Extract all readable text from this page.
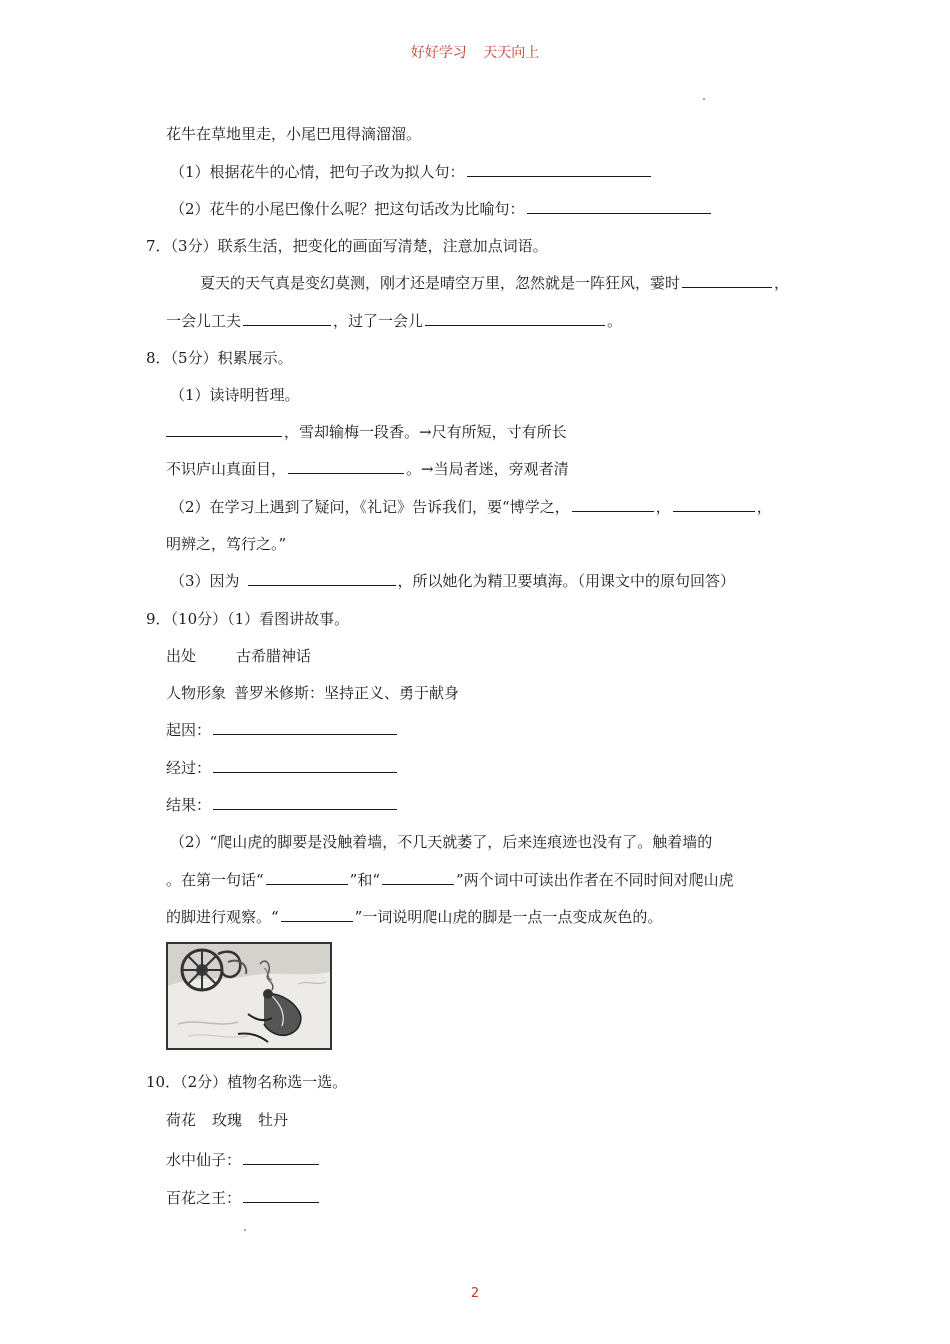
好好学习 天天向上
花牛在草地里走，小尾巴甩得滴溜溜。
（1）根据花牛的心情，把句子改为拟人句：
（2）花牛的小尾巴像什么呢？把这句话改为比喻句：
7．（3分）联系生活，把变化的画面写清楚，注意加点词语。
夏天的天气真是变幻莫测，刚才还是晴空万里，忽然就是一阵狂风，霎时	，
一会儿工夫	，过了一会儿	。
8．（5分）积累展示。
（1）读诗明哲理。
，雪却输梅一段香。→尺有所短，寸有所长
不识庐山真面目，	。→当局者迷，旁观者清
（2）在学习上遇到了疑问，《礼记》告诉我们，要“博学之，	，	，
明辨之，笃行之。”
（3）因为	，所以她化为精卫要填海。（用课文中的原句回答）
9．（10分）（1）看图讲故事。
出处	古希腊神话
人物形象 普罗米修斯：坚持正义、勇于献身
起因：
经过：
结果：
（2）“爬山虎的脚要是没触着墙，不几天就萎了，后来连痕迹也没有了。触着墙的
。在第一句话“	”和“	”两个词中可读出作者在不同时间对爬山虎
的脚进行观察。“	”一词说明爬山虎的脚是一点一点变成灰色的。
10．（2分）植物名称选一选。
荷花 玫瑰 牡丹
水中仙子：
百花之王：
2
